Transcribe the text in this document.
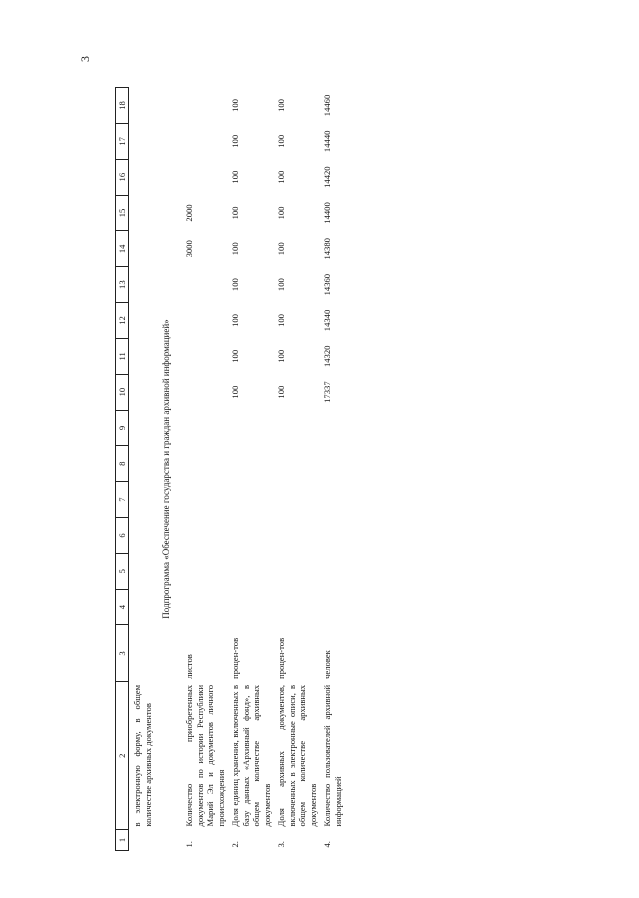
3
1	2	3	4	5	6	7	8	9	10	11	12	13	14	15	16	17	18
	в электронную форму, в общем количестве архивных документов																
Подпрограмма «Обеспечение государства и граждан архивной информацией»																	
1.	Количество приобретенных документов по истории Республики Марий Эл и документов личного происхождения	листов											3000	2000			
2.	Доля единиц хранения, включенных в базу данных «Архивный фонд», в общем количестве архивных документов	процен-тов							100	100	100	100	100	100	100	100	100
3.	Доля архивных документов, включенных в электронные описи, в общем количестве архивных документов	процен-тов							100	100	100	100	100	100	100	100	100
4.	Количество пользователей архивной информацией	человек							17337	14320	14340	14360	14380	14400	14420	14440	14460
